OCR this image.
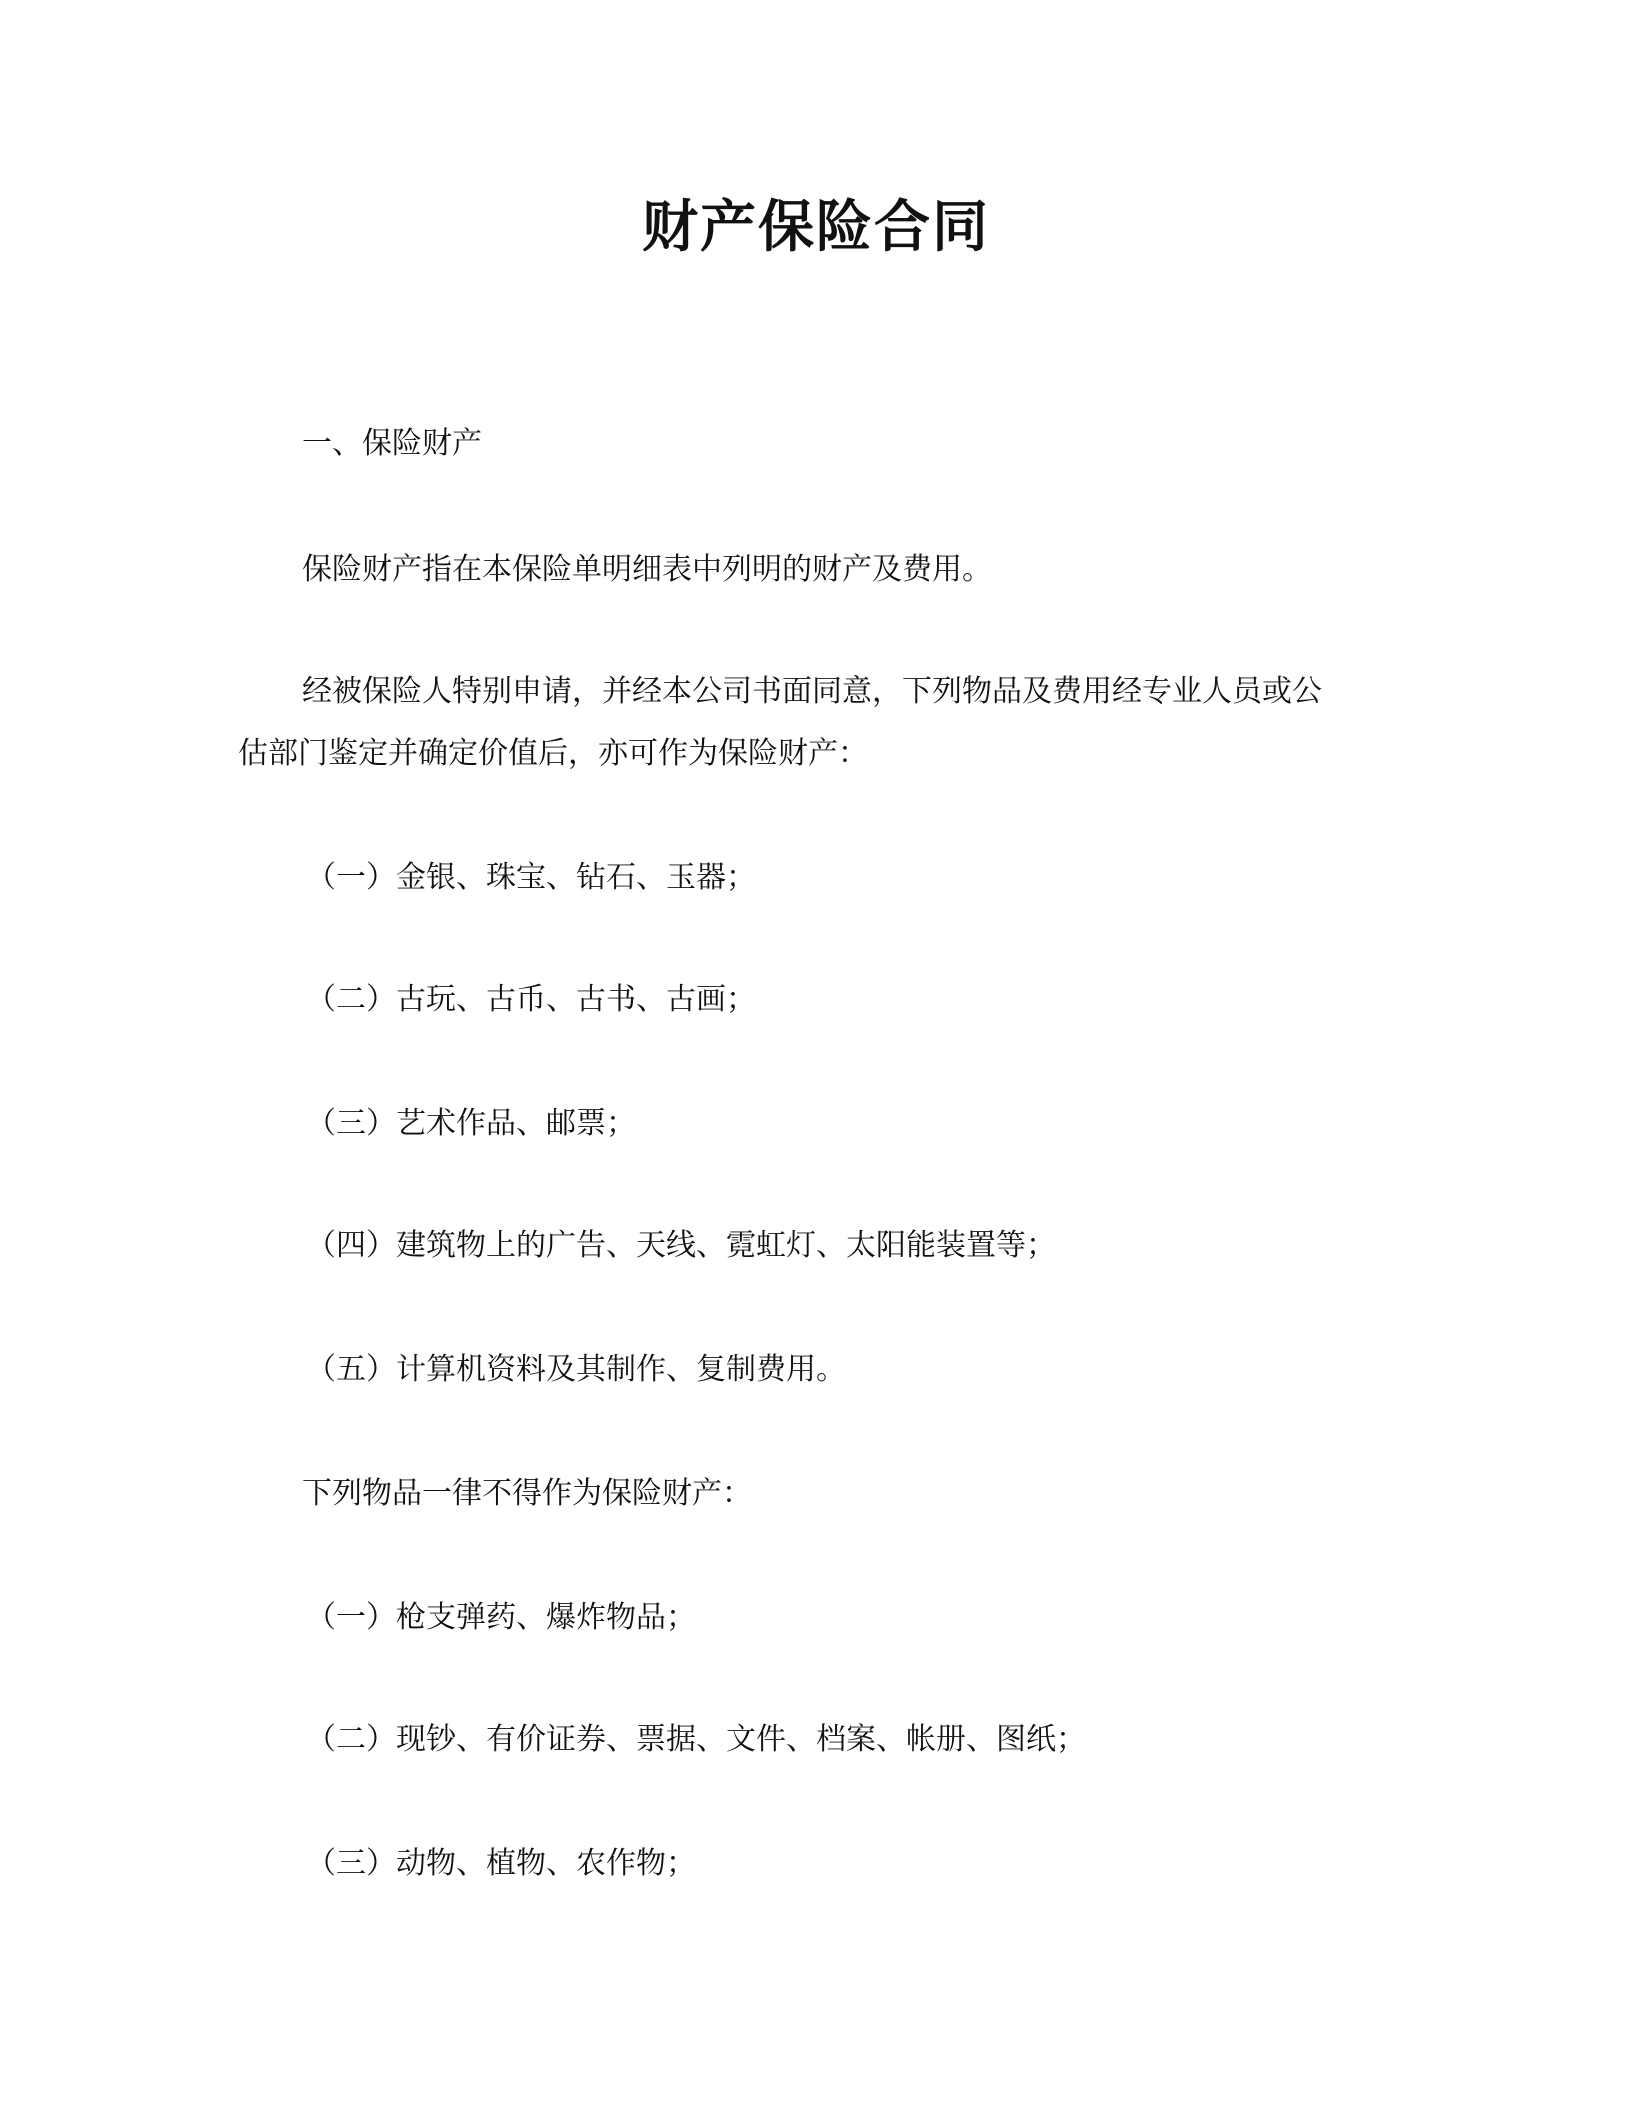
财产保险合同

一、保险财产

保险财产指在本保险单明细表中列明的财产及费用。

经被保险人特别申请，并经本公司书面同意，下列物品及费用经专业人员或公

估部门鉴定并确定价值后，亦可作为保险财产：

（一）金银、珠宝、钻石、玉器；

（二）古玩、古币、古书、古画；

（三）艺术作品、邮票；

（四）建筑物上的广告、天线、霓虹灯、太阳能装置等；

（五）计算机资料及其制作、复制费用。

下列物品一律不得作为保险财产：

（一）枪支弹药、爆炸物品；

（二）现钞、有价证券、票据、文件、档案、帐册、图纸；

（三）动物、植物、农作物；
